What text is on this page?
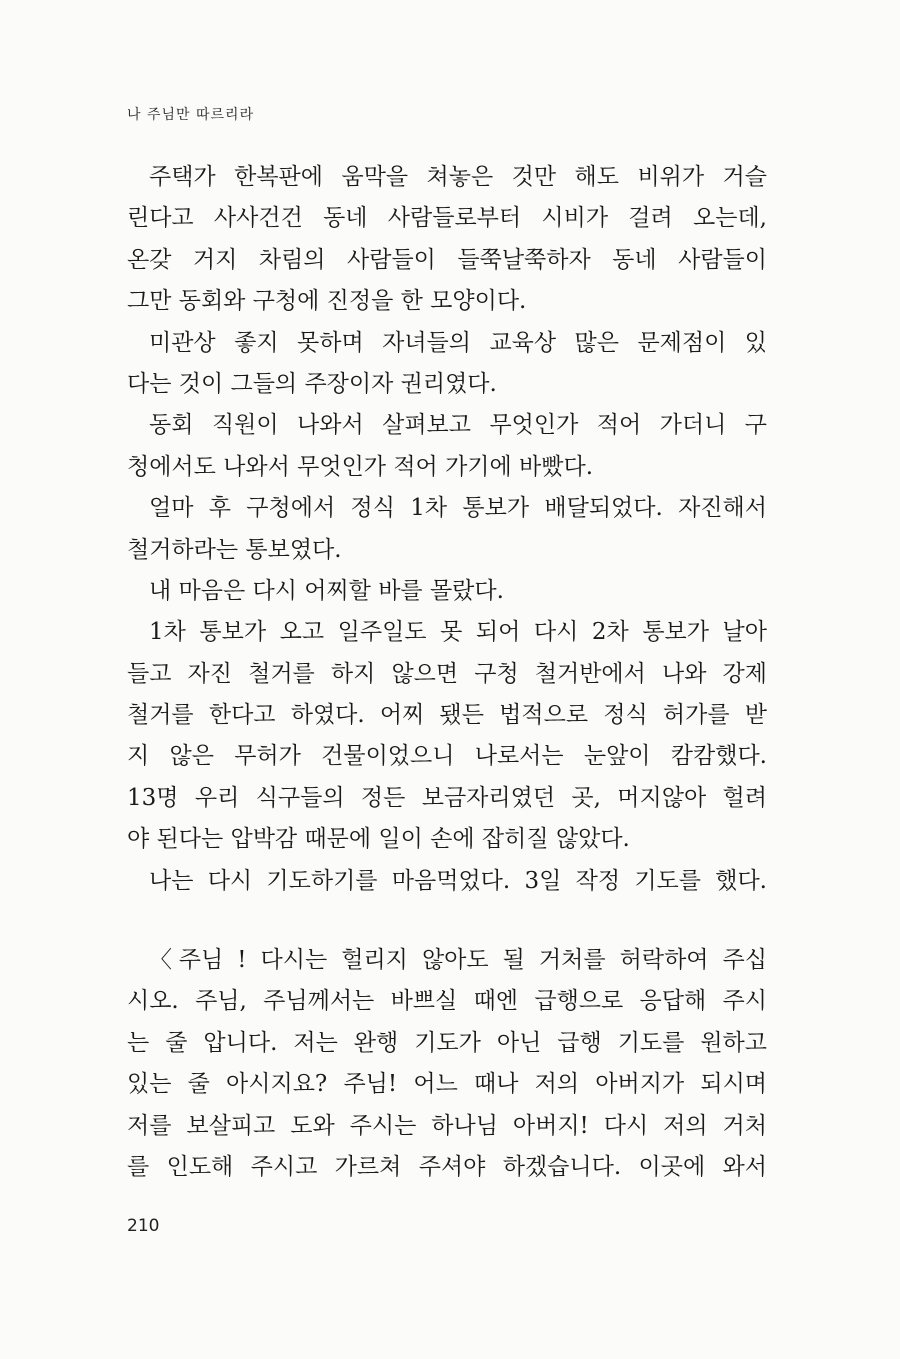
나 주님만 따르리라
주택가 한복판에 움막을 쳐놓은 것만 해도 비위가 거슬
린다고 사사건건 동네 사람들로부터 시비가 걸려 오는데,
온갖 거지 차림의 사람들이 들쭉날쭉하자 동네 사람들이
그만 동회와 구청에 진정을 한 모양이다.
미관상 좋지 못하며 자녀들의 교육상 많은 문제점이 있
다는 것이 그들의 주장이자 권리였다.
동회 직원이 나와서 살펴보고 무엇인가 적어 가더니 구
청에서도 나와서 무엇인가 적어 가기에 바빴다.
얼마 후 구청에서 정식 1차 통보가 배달되었다. 자진해서
철거하라는 통보였다.
내 마음은 다시 어찌할 바를 몰랐다.
1차 통보가 오고 일주일도 못 되어 다시 2차 통보가 날아
들고 자진 철거를 하지 않으면 구청 철거반에서 나와 강제
철거를 한다고 하였다. 어찌 됐든 법적으로 정식 허가를 받
지 않은 무허가 건물이었으니 나로서는 눈앞이 캄캄했다.
13명 우리 식구들의 정든 보금자리였던 곳, 머지않아 헐려
야 된다는 압박감 때문에 일이 손에 잡히질 않았다.
나는 다시 기도하기를 마음먹었다. 3일 작정 기도를 했다.
〈주님 ! 다시는 헐리지 않아도 될 거처를 허락하여 주십
시오. 주님, 주님께서는 바쁘실 때엔 급행으로 응답해 주시
는 줄 압니다. 저는 완행 기도가 아닌 급행 기도를 원하고
있는 줄 아시지요? 주님! 어느 때나 저의 아버지가 되시며
저를 보살피고 도와 주시는 하나님 아버지! 다시 저의 거처
를 인도해 주시고 가르쳐 주셔야 하겠습니다. 이곳에 와서
210
